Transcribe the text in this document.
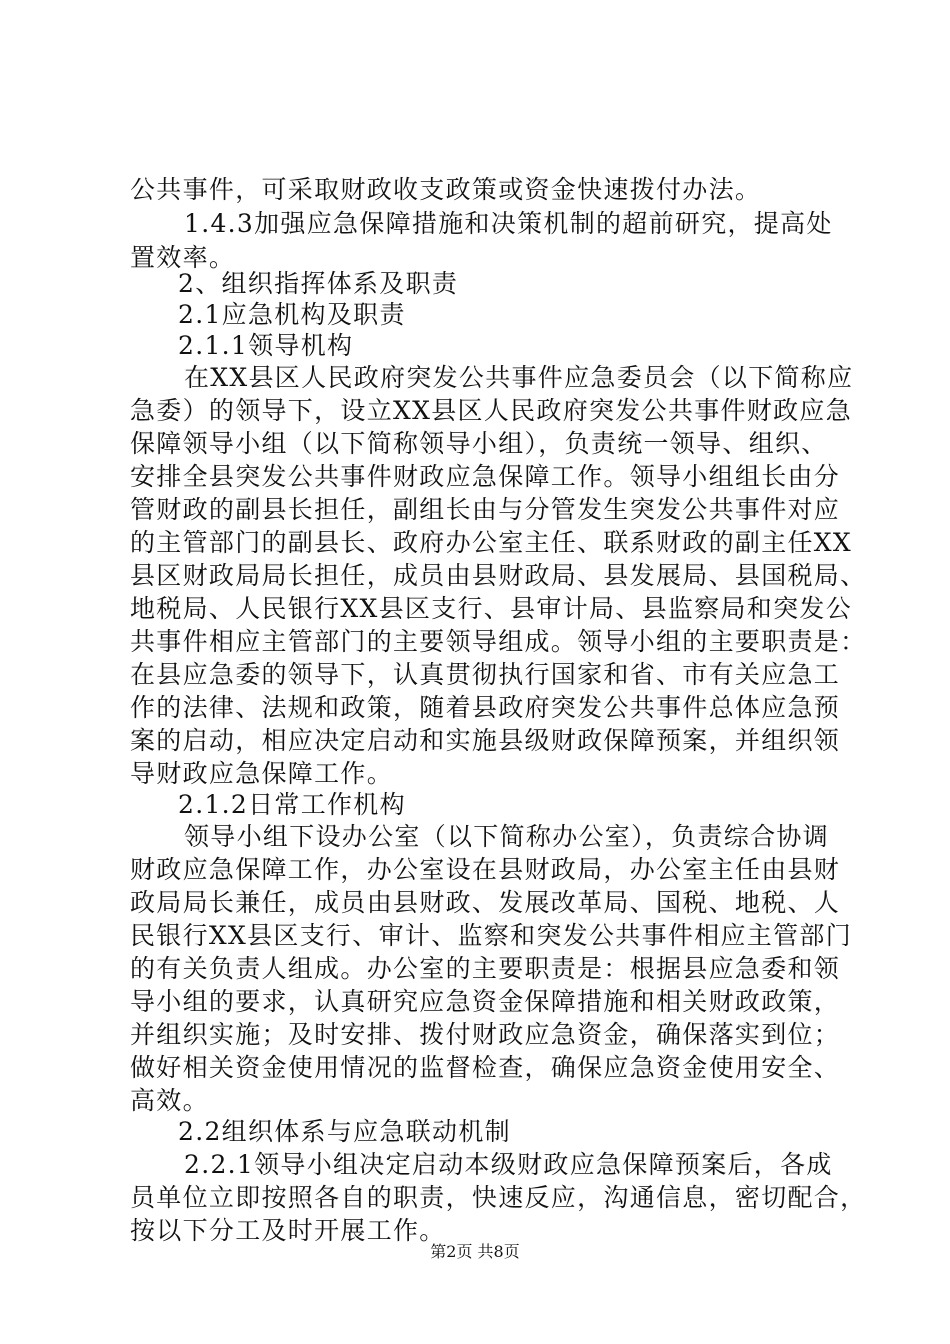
公共事件，可采取财政收支政策或资金快速拨付办法。
1.4.3加强应急保障措施和决策机制的超前研究，提高处
置效率。
2、组织指挥体系及职责
2.1应急机构及职责
2.1.1领导机构
在XX县区人民政府突发公共事件应急委员会（以下简称应
急委）的领导下，设立XX县区人民政府突发公共事件财政应急
保障领导小组（以下简称领导小组），负责统一领导、组织、
安排全县突发公共事件财政应急保障工作。领导小组组长由分
管财政的副县长担任，副组长由与分管发生突发公共事件对应
的主管部门的副县长、政府办公室主任、联系财政的副主任XX
县区财政局局长担任，成员由县财政局、县发展局、县国税局、
地税局、人民银行XX县区支行、县审计局、县监察局和突发公
共事件相应主管部门的主要领导组成。领导小组的主要职责是：
在县应急委的领导下，认真贯彻执行国家和省、市有关应急工
作的法律、法规和政策，随着县政府突发公共事件总体应急预
案的启动，相应决定启动和实施县级财政保障预案，并组织领
导财政应急保障工作。
2.1.2日常工作机构
领导小组下设办公室（以下简称办公室），负责综合协调
财政应急保障工作，办公室设在县财政局，办公室主任由县财
政局局长兼任，成员由县财政、发展改革局、国税、地税、人
民银行XX县区支行、审计、监察和突发公共事件相应主管部门
的有关负责人组成。办公室的主要职责是：根据县应急委和领
导小组的要求，认真研究应急资金保障措施和相关财政政策，
并组织实施；及时安排、拨付财政应急资金，确保落实到位；
做好相关资金使用情况的监督检查，确保应急资金使用安全、
高效。
2.2组织体系与应急联动机制
2.2.1领导小组决定启动本级财政应急保障预案后，各成
员单位立即按照各自的职责，快速反应，沟通信息，密切配合，
按以下分工及时开展工作。
第2页 共8页
